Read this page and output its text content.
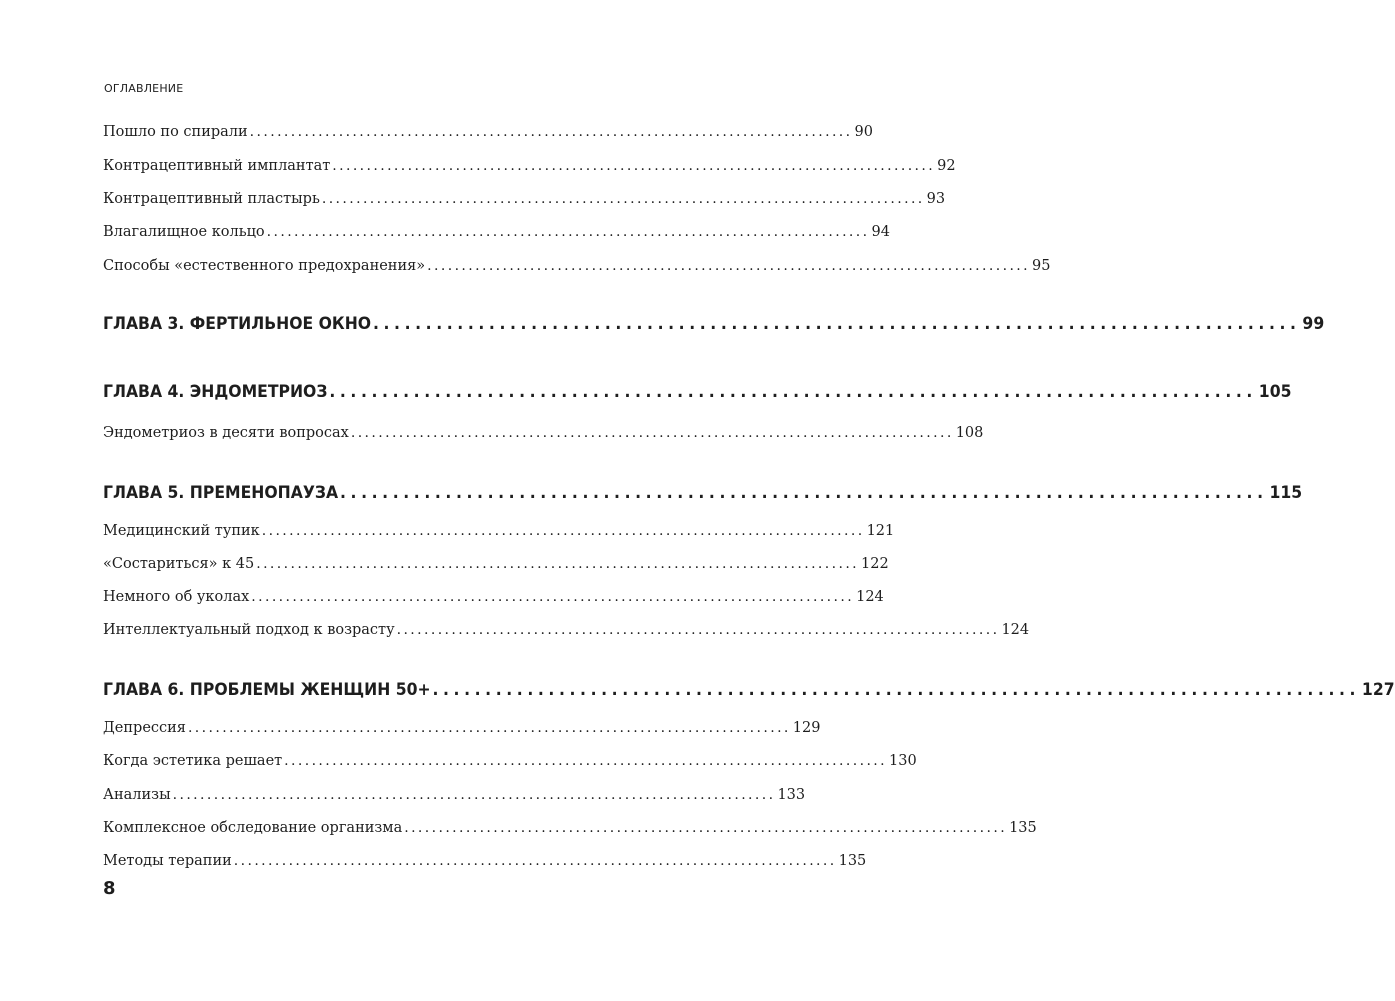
ОГЛАВЛЕНИЕ
Пошло по спирали ........................................................................................ 90
Контрацептивный имплантат ........................................................................................ 92
Контрацептивный пластырь ........................................................................................ 93
Влагалищное кольцо ........................................................................................ 94
Способы «естественного предохранения» ........................................................................................ 95
ГЛАВА 3. ФЕРТИЛЬНОЕ ОКНО ........................................................................................ 99
ГЛАВА 4. ЭНДОМЕТРИОЗ ........................................................................................ 105
Эндометриоз в десяти вопросах ........................................................................................ 108
ГЛАВА 5. ПРЕМЕНОПАУЗА ........................................................................................ 115
Медицинский тупик ........................................................................................ 121
«Состариться» к 45 ........................................................................................ 122
Немного об уколах ........................................................................................ 124
Интеллектуальный подход к возрасту ........................................................................................ 124
ГЛАВА 6. ПРОБЛЕМЫ ЖЕНЩИН 50+ ........................................................................................ 127
Депрессия ........................................................................................ 129
Когда эстетика решает ........................................................................................ 130
Анализы ........................................................................................ 133
Комплексное обследование организма ........................................................................................ 135
Методы терапии ........................................................................................ 135
8
